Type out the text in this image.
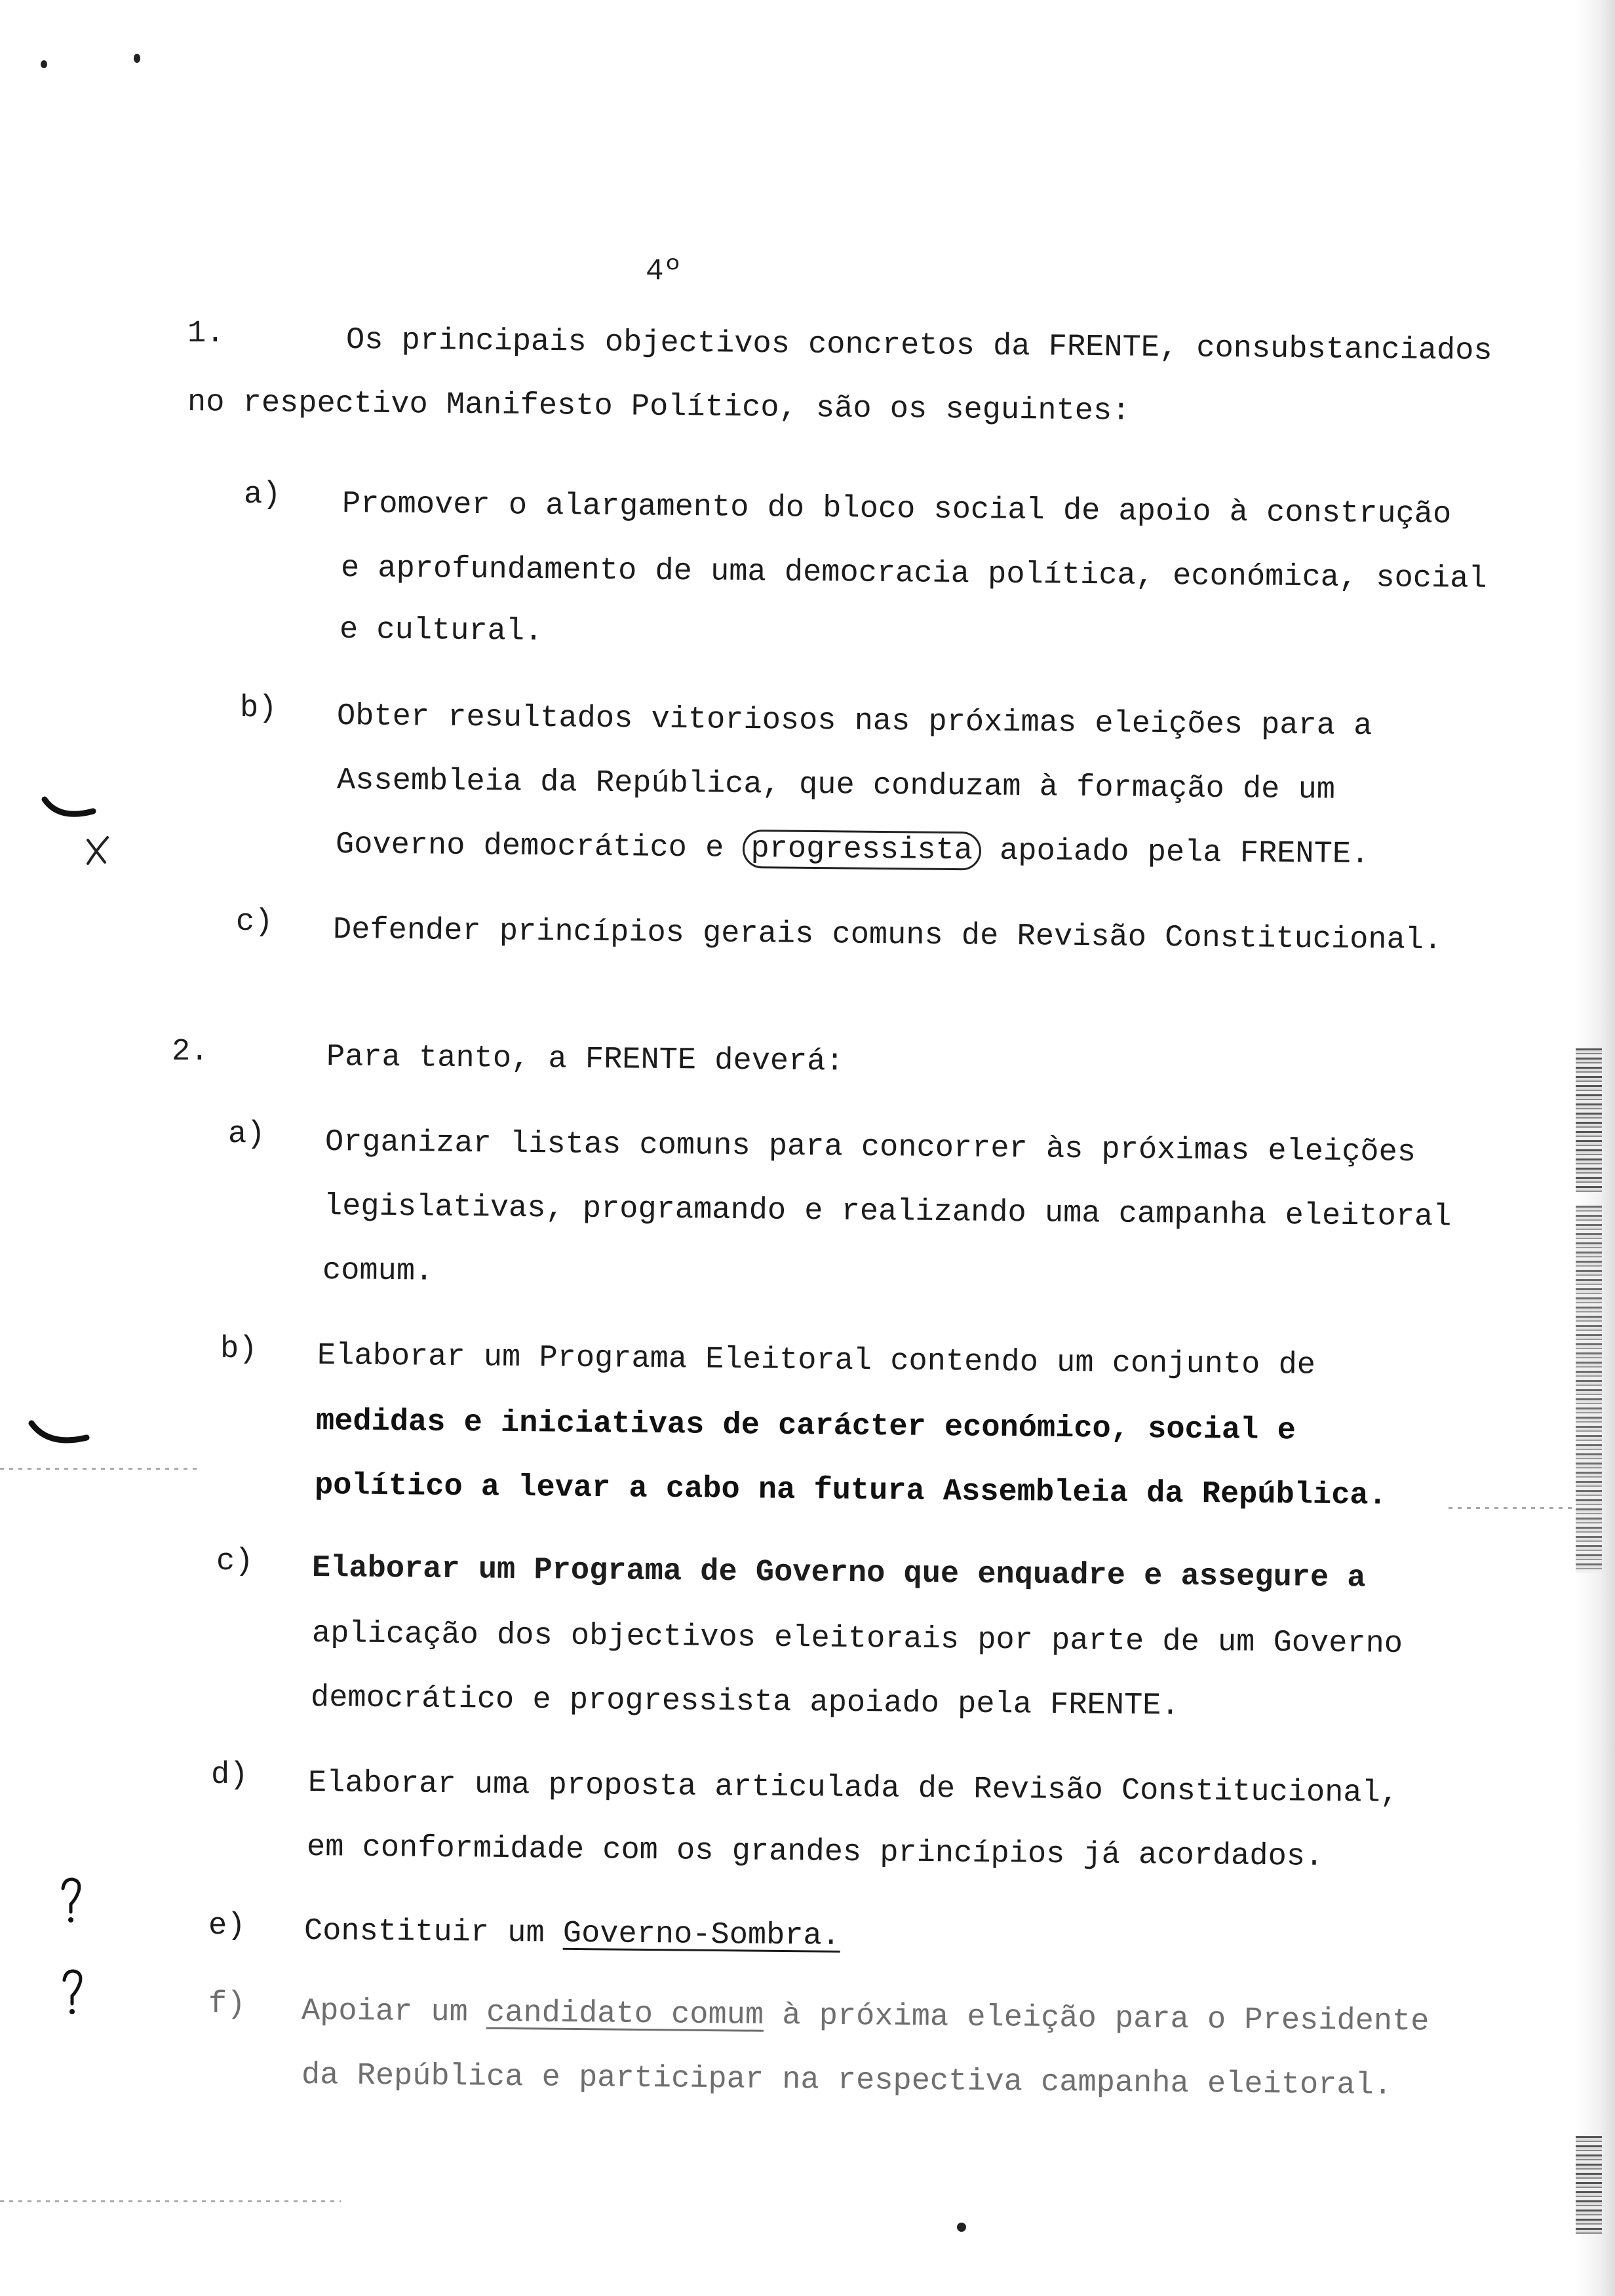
4º
1.	Os principais objectivos concretos da FRENTE, consubstanciados
no respectivo Manifesto Político, são os seguintes:
a) Promover o alargamento do bloco social de apoio à construção
e aprofundamento de uma democracia política, económica, social
e cultural.
b) Obter resultados vitoriosos nas próximas eleições para a
Assembleia da República, que conduzam à formação de um
Governo democrático e progressista apoiado pela FRENTE.
c) Defender princípios gerais comuns de Revisão Constitucional.
2.	Para tanto, a FRENTE deverá:
a) Organizar listas comuns para concorrer às próximas eleições
legislativas, programando e realizando uma campanha eleitoral
comum.
b) Elaborar um Programa Eleitoral contendo um conjunto de
medidas e iniciativas de carácter económico, social e
político a levar a cabo na futura Assembleia da República.
c) Elaborar um Programa de Governo que enquadre e assegure a
aplicação dos objectivos eleitorais por parte de um Governo
democrático e progressista apoiado pela FRENTE.
d) Elaborar uma proposta articulada de Revisão Constitucional,
em conformidade com os grandes princípios já acordados.
e) Constituir um Governo-Sombra.
f) Apoiar um candidato comum à próxima eleição para o Presidente
da República e participar na respectiva campanha eleitoral.
